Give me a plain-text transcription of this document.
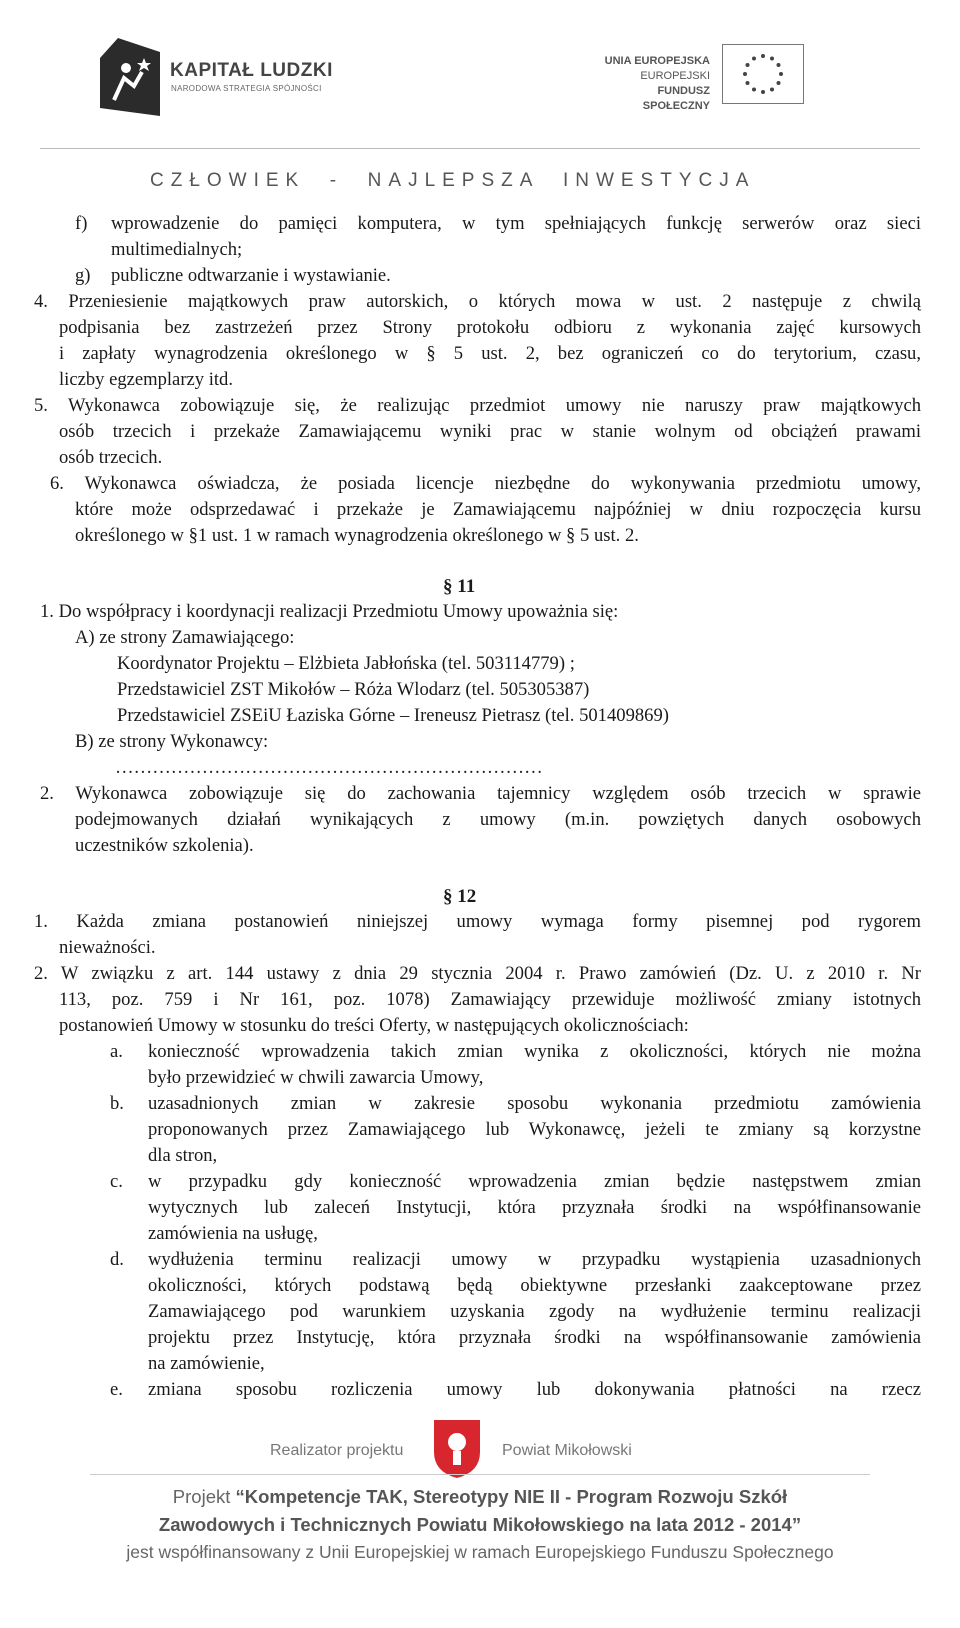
KAPITAŁ LUDZKI
NARODOWA STRATEGIA SPÓJNOŚCI
UNIA EUROPEJSKA
EUROPEJSKI
FUNDUSZ SPOŁECZNY
CZŁOWIEK  -  NAJLEPSZA  INWESTYCJA
f) wprowadzenie do pamięci komputera, w tym spełniających funkcję serwerów oraz sieci
multimedialnych;
g) publiczne odtwarzanie i wystawianie.
4. Przeniesienie majątkowych praw autorskich, o których mowa w ust. 2 następuje z chwilą
podpisania bez zastrzeżeń przez Strony protokołu odbioru z wykonania zajęć kursowych
i zapłaty wynagrodzenia określonego w § 5 ust. 2, bez ograniczeń co do terytorium, czasu,
liczby egzemplarzy itd.
5. Wykonawca zobowiązuje się, że realizując przedmiot umowy nie naruszy praw majątkowych
osób trzecich i przekaże Zamawiającemu wyniki prac w stanie wolnym od obciążeń prawami
osób trzecich.
6. Wykonawca oświadcza, że posiada licencje niezbędne do wykonywania przedmiotu umowy,
które może odsprzedawać i przekaże je Zamawiającemu najpóźniej w dniu rozpoczęcia kursu
określonego w §1 ust. 1 w ramach wynagrodzenia określonego w § 5 ust. 2.
§ 11
1. Do współpracy i koordynacji realizacji Przedmiotu Umowy upoważnia się:
A) ze strony Zamawiającego:
Koordynator Projektu – Elżbieta Jabłońska (tel. 503114779) ;
Przedstawiciel ZST Mikołów – Róża Wlodarz (tel. 505305387)
Przedstawiciel ZSEiU Łaziska Górne – Ireneusz Pietrasz (tel. 501409869)
B) ze strony Wykonawcy:
……………………………………………………………
2. Wykonawca zobowiązuje się do zachowania tajemnicy względem osób trzecich w sprawie
podejmowanych działań wynikających z umowy (m.in. powziętych danych osobowych
uczestników szkolenia).
§ 12
1. Każda zmiana postanowień niniejszej umowy wymaga formy pisemnej pod rygorem
nieważności.
2. W związku z art. 144 ustawy z dnia 29 stycznia 2004 r. Prawo zamówień (Dz. U. z 2010 r. Nr
113, poz. 759 i Nr 161, poz. 1078) Zamawiający przewiduje możliwość zmiany istotnych
postanowień Umowy w stosunku do treści Oferty, w następujących okolicznościach:
a. konieczność wprowadzenia takich zmian wynika z okoliczności, których nie można
było przewidzieć w chwili zawarcia Umowy,
b. uzasadnionych zmian w zakresie sposobu wykonania przedmiotu zamówienia
proponowanych przez Zamawiającego lub Wykonawcę, jeżeli te zmiany są korzystne
dla stron,
c. w przypadku gdy konieczność wprowadzenia zmian będzie następstwem zmian
wytycznych lub zaleceń Instytucji, która przyznała środki na współfinansowanie
zamówienia na usługę,
d. wydłużenia terminu realizacji umowy w przypadku wystąpienia uzasadnionych
okoliczności, których podstawą będą obiektywne przesłanki zaakceptowane przez
Zamawiającego pod warunkiem uzyskania zgody na wydłużenie terminu realizacji
projektu przez Instytucję, która przyznała środki na współfinansowanie zamówienia
na zamówienie,
e. zmiana sposobu rozliczenia umowy lub dokonywania płatności na rzecz
Realizator projektu	Powiat Mikołowski
Projekt “Kompetencje TAK, Stereotypy NIE II - Program Rozwoju Szkół
Zawodowych i Technicznych Powiatu Mikołowskiego na lata 2012 - 2014”
jest współfinansowany z Unii Europejskiej w ramach Europejskiego Funduszu Społecznego
